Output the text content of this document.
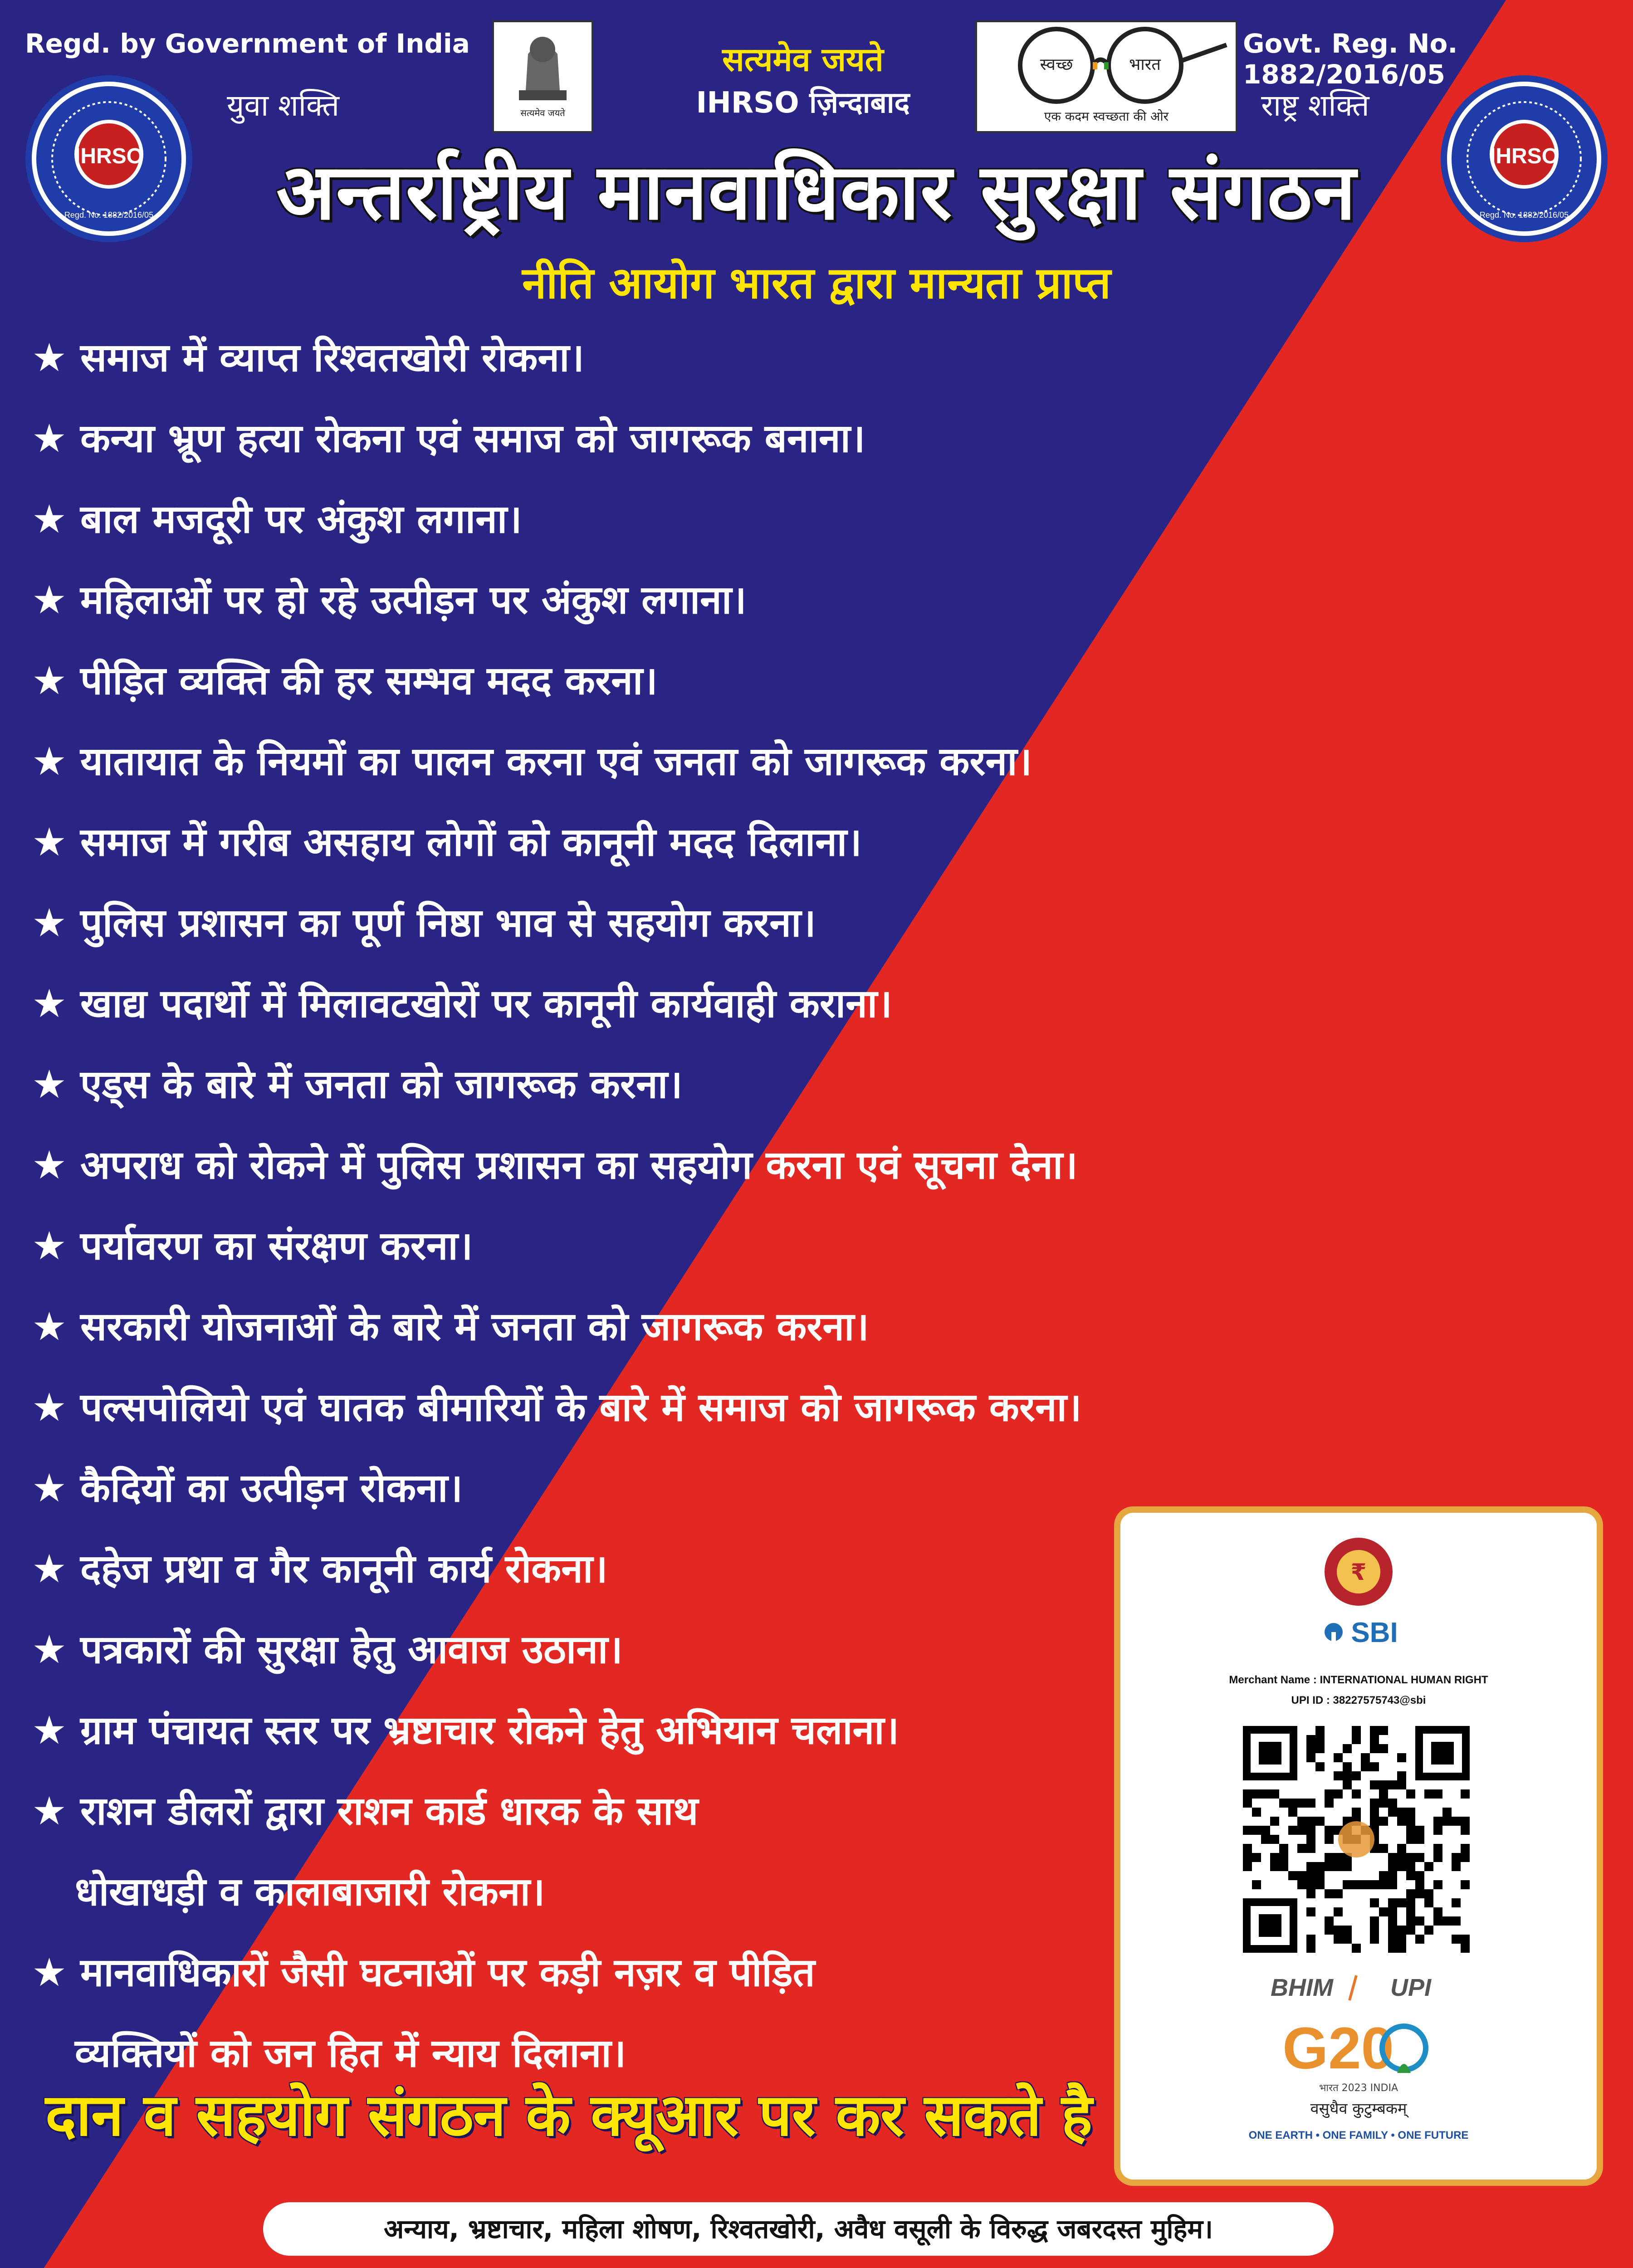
Regd. by Government of India	Govt. Reg. No. 1882/2016/05
IHRSO
Regd. No. 1882/2016/05
IHRSO
Regd. No. 1882/2016/05
युवा शक्ति	राष्ट्र शक्ति
सत्यमेव जयते
सत्यमेव जयते
IHRSO ज़िन्दाबाद
स्वच्छ	भारत
एक कदम स्वच्छता की ओर
अन्तर्राष्ट्रीय मानवाधिकार सुरक्षा संगठन
नीति आयोग भारत द्वारा मान्यता प्राप्त
★ समाज में व्याप्त रिश्वतखोरी रोकना।
★ कन्या भ्रूण हत्या रोकना एवं समाज को जागरूक बनाना।
★ बाल मजदूरी पर अंकुश लगाना।
★ महिलाओं पर हो रहे उत्पीड़न पर अंकुश लगाना।
★ पीड़ित व्यक्ति की हर सम्भव मदद करना।
★ यातायात के नियमों का पालन करना एवं जनता को जागरूक करना।
★ समाज में गरीब असहाय लोगों को कानूनी मदद दिलाना।
★ पुलिस प्रशासन का पूर्ण निष्ठा भाव से सहयोग करना।
★ खाद्य पदार्थो में मिलावटखोरों पर कानूनी कार्यवाही कराना।
★ एड्स के बारे में जनता को जागरूक करना।
★ अपराध को रोकने में पुलिस प्रशासन का सहयोग करना एवं सूचना देना।
★ पर्यावरण का संरक्षण करना।
★ सरकारी योजनाओं के बारे में जनता को जागरूक करना।
★ पल्सपोलियो एवं घातक बीमारियों के बारे में समाज को जागरूक करना।
★ कैदियों का उत्पीड़न रोकना।
★ दहेज प्रथा व गैर कानूनी कार्य रोकना।
★ पत्रकारों की सुरक्षा हेतु आवाज उठाना।
★ ग्राम पंचायत स्तर पर भ्रष्टाचार रोकने हेतु अभियान चलाना।
★ राशन डीलरों द्वारा राशन कार्ड धारक के साथ
धोखाधड़ी व कालाबाजारी रोकना।
★ मानवाधिकारों जैसी घटनाओं पर कड़ी नज़र व पीड़ित
व्यक्तियों को जन हित में न्याय दिलाना।
दान व सहयोग संगठन के क्यूआर पर कर सकते है
₹
SBI
BHIM UPI
G20
भारत 2023 INDIA
वसुधैव कुटुम्बकम्
ONE EARTH • ONE FAMILY • ONE FUTURE
Merchant Name : INTERNATIONAL HUMAN RIGHT
UPI ID : 38227575743@sbi
अन्याय, भ्रष्टाचार, महिला शोषण, रिश्वतखोरी, अवैध वसूली के विरुद्ध जबरदस्त मुहिम।
